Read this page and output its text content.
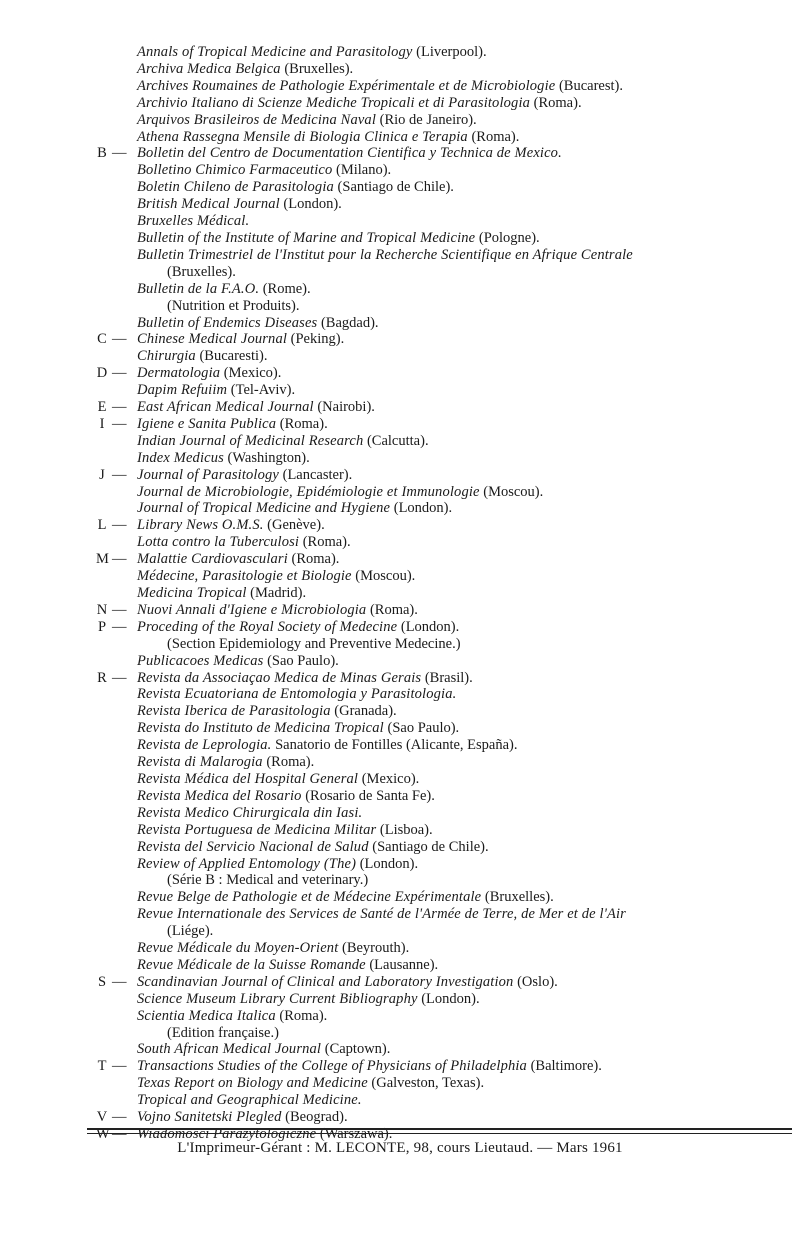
Annals of Tropical Medicine and Parasitology (Liverpool).
Archiva Medica Belgica (Bruxelles).
Archives Roumaines de Pathologie Expérimentale et de Microbiologie (Bucarest).
Archivio Italiano di Scienze Mediche Tropicali et di Parasitologia (Roma).
Arquivos Brasileiros de Medicina Naval (Rio de Janeiro).
Athena Rassegna Mensile di Biologia Clinica e Terapia (Roma).
B — Bolletin del Centro de Documentation Cientifica y Technica de Mexico.
Bolletino Chimico Farmaceutico (Milano).
Boletin Chileno de Parasitologia (Santiago de Chile).
British Medical Journal (London).
Bruxelles Médical.
Bulletin of the Institute of Marine and Tropical Medicine (Pologne).
Bulletin Trimestriel de l'Institut pour la Recherche Scientifique en Afrique Centrale
(Bruxelles).
Bulletin de la F.A.O. (Rome).
(Nutrition et Produits).
Bulletin of Endemics Diseases (Bagdad).
C — Chinese Medical Journal (Peking).
Chirurgia (Bucaresti).
D — Dermatologia (Mexico).
Dapim Refuiim (Tel-Aviv).
E — East African Medical Journal (Nairobi).
I — Igiene e Sanita Publica (Roma).
Indian Journal of Medicinal Research (Calcutta).
Index Medicus (Washington).
J — Journal of Parasitology (Lancaster).
Journal de Microbiologie, Epidémiologie et Immunologie (Moscou).
Journal of Tropical Medicine and Hygiene (London).
L — Library News O.M.S. (Genève).
Lotta contro la Tuberculosi (Roma).
M — Malattie Cardiovasculari (Roma).
Médecine, Parasitologie et Biologie (Moscou).
Medicina Tropical (Madrid).
N — Nuovi Annali d'Igiene e Microbiologia (Roma).
P — Proceding of the Royal Society of Medecine (London).
(Section Epidemiology and Preventive Medecine.)
Publicacoes Medicas (Sao Paulo).
R — Revista da Associaçao Medica de Minas Gerais (Brasil).
Revista Ecuatoriana de Entomologia y Parasitologia.
Revista Iberica de Parasitologia (Granada).
Revista do Instituto de Medicina Tropical (Sao Paulo).
Revista de Leprologia. Sanatorio de Fontilles (Alicante, España).
Revista di Malarogia (Roma).
Revista Médica del Hospital General (Mexico).
Revista Medica del Rosario (Rosario de Santa Fe).
Revista Medico Chirurgicala din Iasi.
Revista Portuguesa de Medicina Militar (Lisboa).
Revista del Servicio Nacional de Salud (Santiago de Chile).
Review of Applied Entomology (The) (London).
(Série B : Medical and veterinary.)
Revue Belge de Pathologie et de Médecine Expérimentale (Bruxelles).
Revue Internationale des Services de Santé de l'Armée de Terre, de Mer et de l'Air
(Liége).
Revue Médicale du Moyen-Orient (Beyrouth).
Revue Médicale de la Suisse Romande (Lausanne).
S — Scandinavian Journal of Clinical and Laboratory Investigation (Oslo).
Science Museum Library Current Bibliography (London).
Scientia Medica Italica (Roma).
(Edition française.)
South African Medical Journal (Captown).
T — Transactions Studies of the College of Physicians of Philadelphia (Baltimore).
Texas Report on Biology and Medicine (Galveston, Texas).
Tropical and Geographical Medicine.
V — Vojno Sanitetski Plegled (Beograd).
W — Wiadomosci Parazytologiczne (Warszawa).
L'Imprimeur-Gérant : M. LECONTE, 98, cours Lieutaud. — Mars 1961
